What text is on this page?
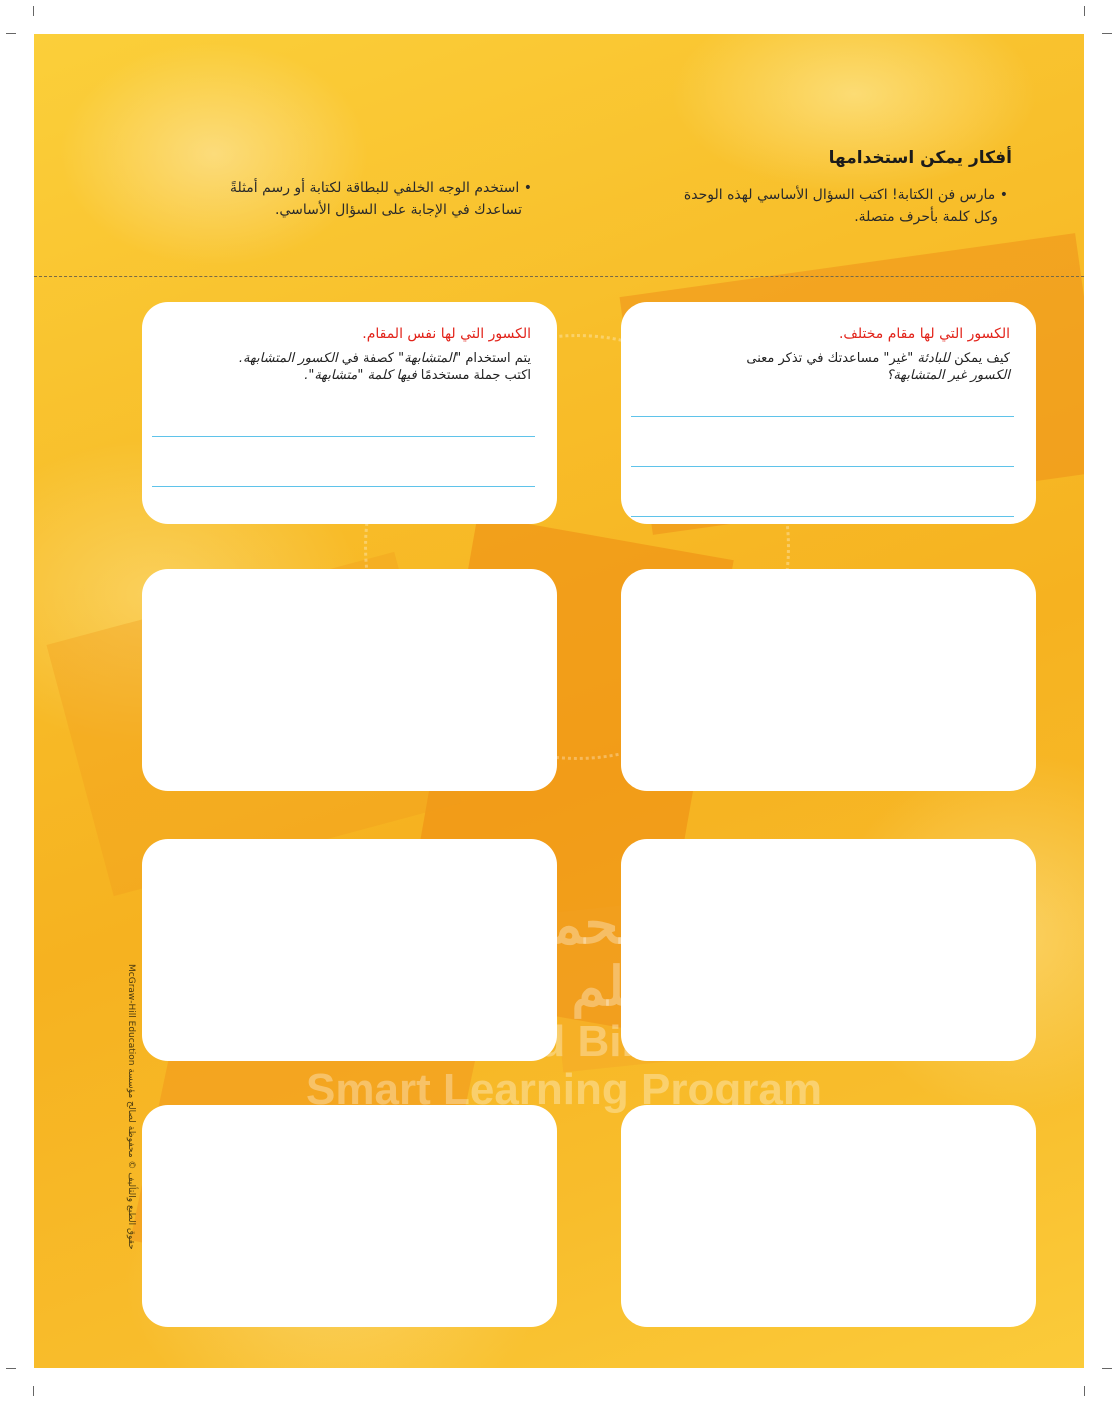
أفكار يمكن استخدامها
• مارس فن الكتابة! اكتب السؤال الأساسي لهذه الوحدة
وكل كلمة بأحرف متصلة.
• استخدم الوجه الخلفي للبطاقة لكتابة أو رسم أمثلةً
تساعدك في الإجابة على السؤال الأساسي.
الكسور التي لها مقام مختلف.
كيف يمكن للبادئة "غير" مساعدتك في تذكر معنى
الكسور غير المتشابهة؟
الكسور التي لها نفس المقام.
يتم استخدام "المتشابهة" كصفة في الكسور المتشابهة.
اكتب جملة مستخدمًا فيها كلمة "متشابهة".
برنامج محمد بن راشد
للتعلم الذكي
Mohammed Bin Rashid
Smart Learning Program
McGraw-Hill Education حقوق الطبع والتأليف © محفوظة لصالح مؤسسة
